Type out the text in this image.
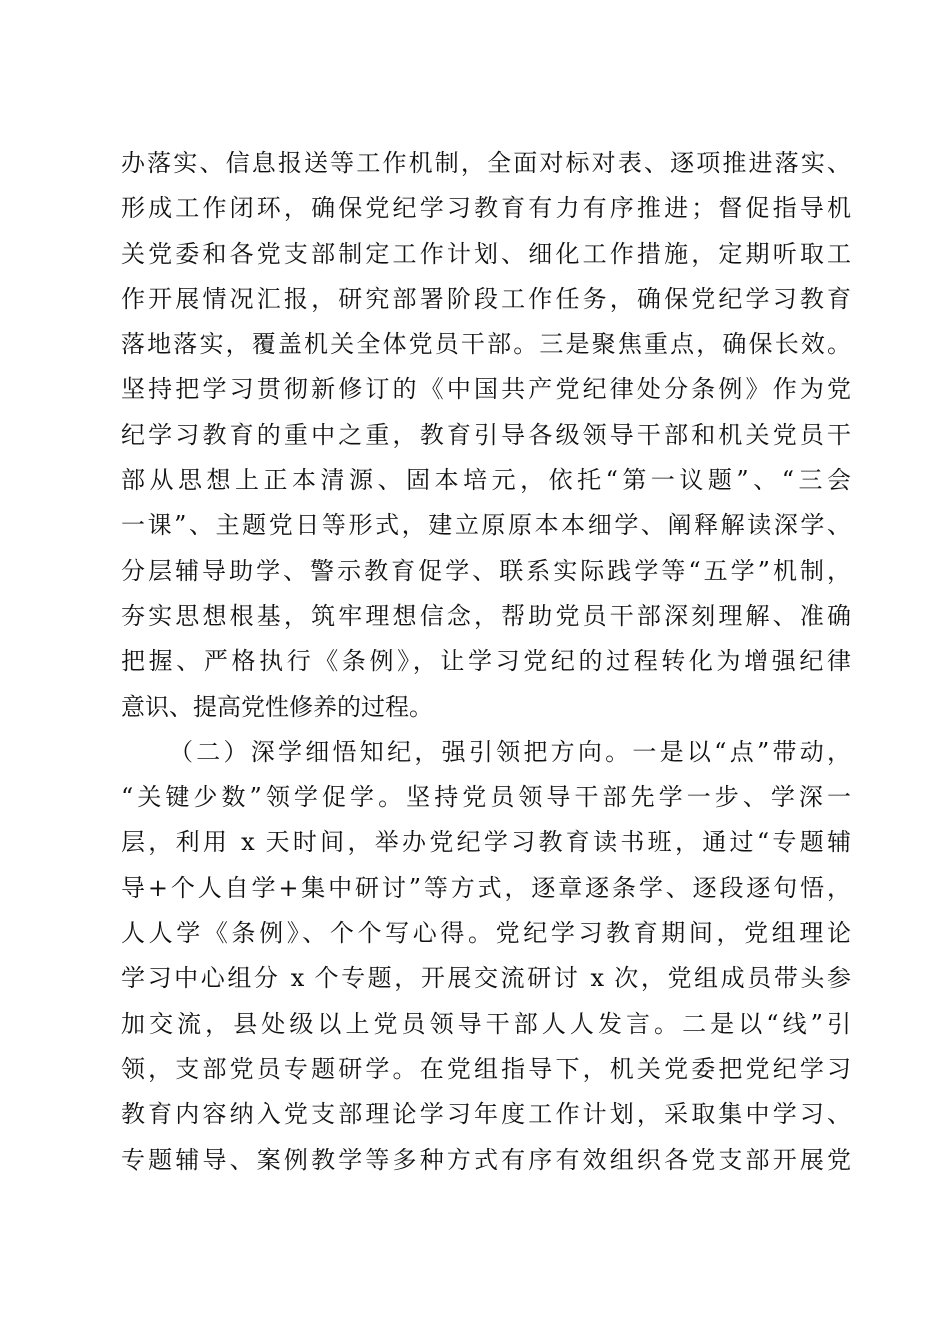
办落实、信息报送等工作机制，全面对标对表、逐项推进落实、
形成工作闭环，确保党纪学习教育有力有序推进；督促指导机
关党委和各党支部制定工作计划、细化工作措施，定期听取工
作开展情况汇报，研究部署阶段工作任务，确保党纪学习教育
落地落实，覆盖机关全体党员干部。三是聚焦重点，确保长效。
坚持把学习贯彻新修订的《中国共产党纪律处分条例》作为党
纪学习教育的重中之重，教育引导各级领导干部和机关党员干
部从思想上正本清源、固本培元，依托“第一议题”、“三会
一课”、主题党日等形式，建立原原本本细学、阐释解读深学、
分层辅导助学、警示教育促学、联系实际践学等“五学”机制，
夯实思想根基，筑牢理想信念，帮助党员干部深刻理解、准确
把握、严格执行《条例》，让学习党纪的过程转化为增强纪律
意识、提高党性修养的过程。
（二）深学细悟知纪，强引领把方向。一是以“点”带动，
“关键少数”领学促学。坚持党员领导干部先学一步、学深一
层，利用 x 天时间，举办党纪学习教育读书班，通过“专题辅
导+个人自学+集中研讨”等方式，逐章逐条学、逐段逐句悟，
人人学《条例》、个个写心得。党纪学习教育期间，党组理论
学习中心组分 x 个专题，开展交流研讨 x 次，党组成员带头参
加交流，县处级以上党员领导干部人人发言。二是以“线”引
领，支部党员专题研学。在党组指导下，机关党委把党纪学习
教育内容纳入党支部理论学习年度工作计划，采取集中学习、
专题辅导、案例教学等多种方式有序有效组织各党支部开展党
